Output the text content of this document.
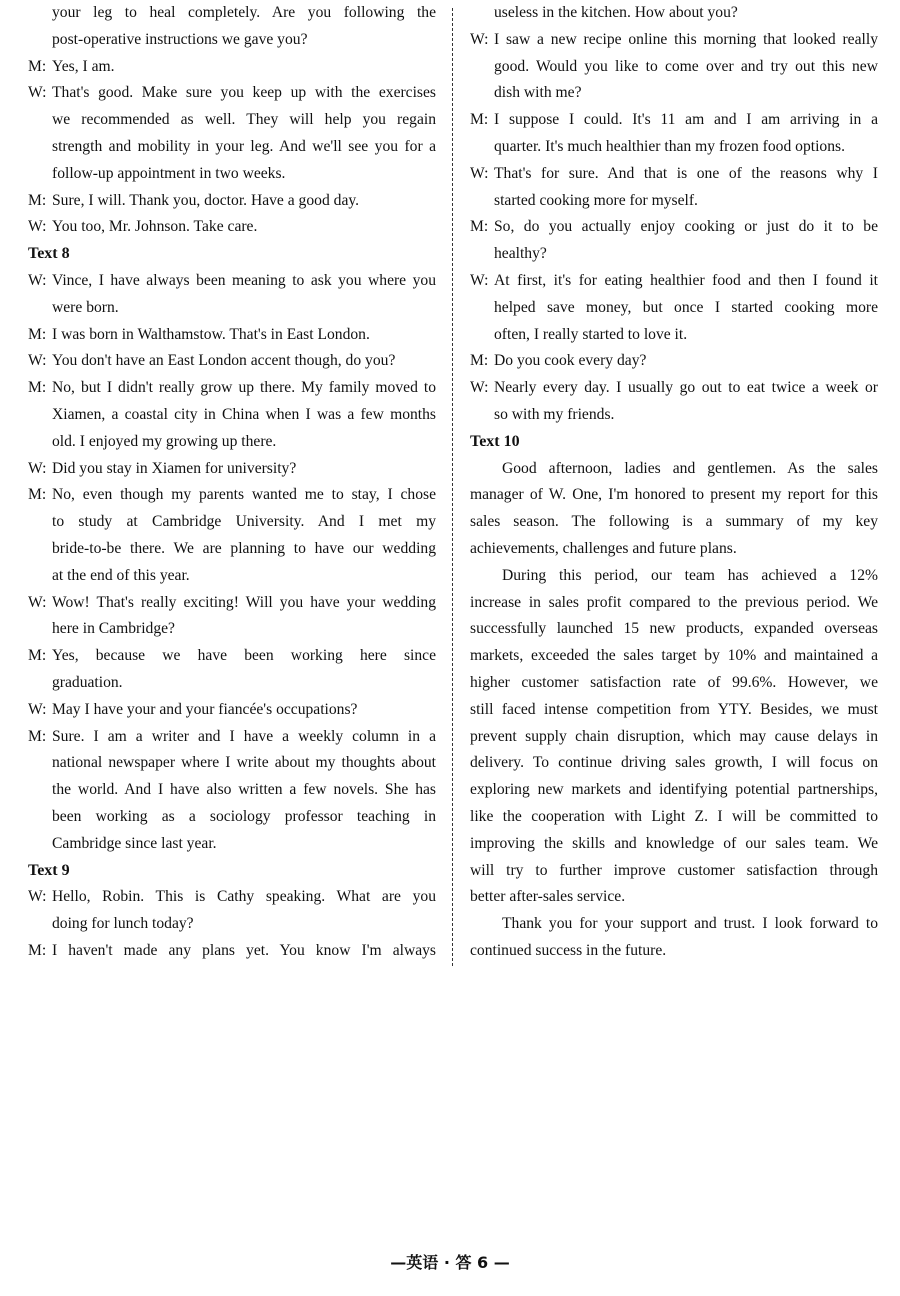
your leg to heal completely. Are you following the
post-operative instructions we gave you?
M: Yes, I am.
W: That's good. Make sure you keep up with the exercises
we recommended as well. They will help you regain
strength and mobility in your leg. And we'll see you for a
follow-up appointment in two weeks.
M: Sure, I will. Thank you, doctor. Have a good day.
W: You too, Mr. Johnson. Take care.
Text 8
W: Vince, I have always been meaning to ask you where you
were born.
M: I was born in Walthamstow. That's in East London.
W: You don't have an East London accent though, do you?
M: No, but I didn't really grow up there. My family moved to
Xiamen, a coastal city in China when I was a few months
old. I enjoyed my growing up there.
W: Did you stay in Xiamen for university?
M: No, even though my parents wanted me to stay, I chose
to study at Cambridge University. And I met my
bride-to-be there. We are planning to have our wedding
at the end of this year.
W: Wow! That's really exciting! Will you have your wedding
here in Cambridge?
M: Yes, because we have been working here since
graduation.
W: May I have your and your fiancée's occupations?
M: Sure. I am a writer and I have a weekly column in a
national newspaper where I write about my thoughts about
the world. And I have also written a few novels. She has
been working as a sociology professor teaching in
Cambridge since last year.
Text 9
W: Hello, Robin. This is Cathy speaking. What are you
doing for lunch today?
M: I haven't made any plans yet. You know I'm always
useless in the kitchen. How about you?
W: I saw a new recipe online this morning that looked really
good. Would you like to come over and try out this new
dish with me?
M: I suppose I could. It's 11 am and I am arriving in a
quarter. It's much healthier than my frozen food options.
W: That's for sure. And that is one of the reasons why I
started cooking more for myself.
M: So, do you actually enjoy cooking or just do it to be
healthy?
W: At first, it's for eating healthier food and then I found it
helped save money, but once I started cooking more
often, I really started to love it.
M: Do you cook every day?
W: Nearly every day. I usually go out to eat twice a week or
so with my friends.
Text 10
Good afternoon, ladies and gentlemen. As the sales
manager of W. One, I'm honored to present my report for this
sales season. The following is a summary of my key
achievements, challenges and future plans.
During this period, our team has achieved a 12%
increase in sales profit compared to the previous period. We
successfully launched 15 new products, expanded overseas
markets, exceeded the sales target by 10% and maintained a
higher customer satisfaction rate of 99.6%. However, we
still faced intense competition from YTY. Besides, we must
prevent supply chain disruption, which may cause delays in
delivery. To continue driving sales growth, I will focus on
exploring new markets and identifying potential partnerships,
like the cooperation with Light Z. I will be committed to
improving the skills and knowledge of our sales team. We
will try to further improve customer satisfaction through
better after-sales service.
Thank you for your support and trust. I look forward to
continued success in the future.
—英语 · 答 6 —
